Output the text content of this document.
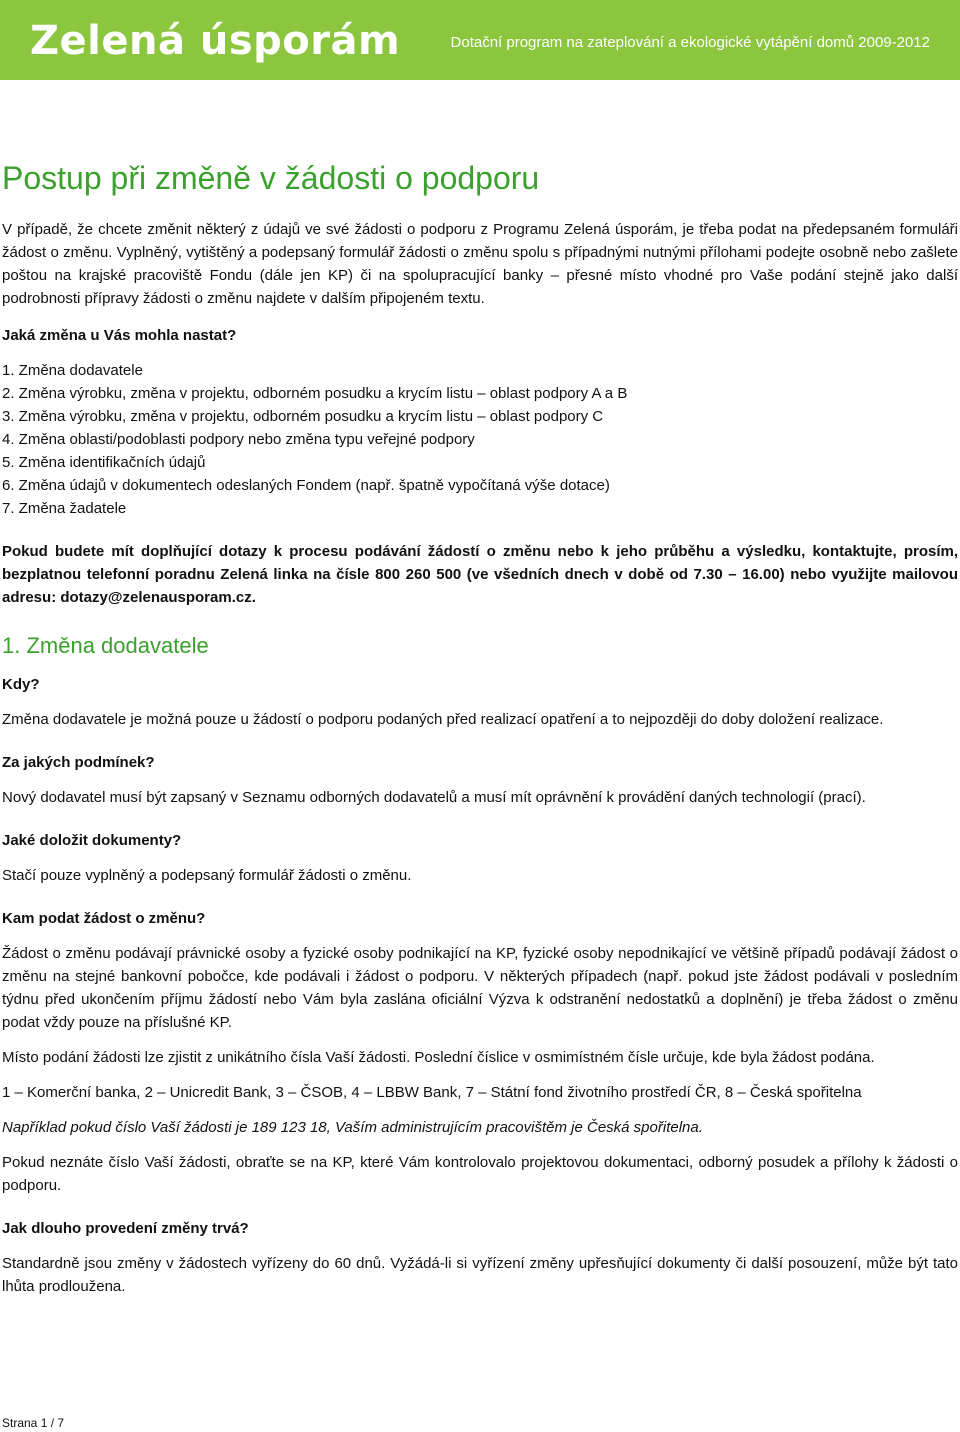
Zelená úsporám	Dotační program na zateplování a ekologické vytápění domů 2009-2012
Postup při změně v žádosti o podporu

V případě, že chcete změnit některý z údajů ve své žádosti o podporu z Programu Zelená úsporám, je třeba podat na předepsaném formuláři žádost o změnu. Vyplněný, vytištěný a podepsaný formulář žádosti o změnu spolu s případnými nutnými přílohami podejte osobně nebo zašlete poštou na krajské pracoviště Fondu (dále jen KP) či na spolupracující banky – přesné místo vhodné pro Vaše podání stejně jako další podrobnosti přípravy žádosti o změnu najdete v dalším připojeném textu.

Jaká změna u Vás mohla nastat?

1. Změna dodavatele
2. Změna výrobku, změna v projektu, odborném posudku a krycím listu – oblast podpory A a B
3. Změna výrobku, změna v projektu, odborném posudku a krycím listu – oblast podpory C
4. Změna oblasti/podoblasti podpory nebo změna typu veřejné podpory
5. Změna identifikačních údajů
6. Změna údajů v dokumentech odeslaných Fondem (např. špatně vypočítaná výše dotace)
7. Změna žadatele

Pokud budete mít doplňující dotazy k procesu podávání žádostí o změnu nebo k jeho průběhu a výsledku, kontaktujte, prosím, bezplatnou telefonní poradnu Zelená linka na čísle 800 260 500 (ve všedních dnech v době od 7.30 – 16.00) nebo využijte mailovou adresu: dotazy@zelenausporam.cz.

1. Změna dodavatele

Kdy?

Změna dodavatele je možná pouze u žádostí o podporu podaných před realizací opatření a to nejpozději do doby doložení realizace.

Za jakých podmínek?

Nový dodavatel musí být zapsaný v Seznamu odborných dodavatelů a musí mít oprávnění k provádění daných technologií (prací).

Jaké doložit dokumenty?

Stačí pouze vyplněný a podepsaný formulář žádosti o změnu.

Kam podat žádost o změnu?

Žádost o změnu podávají právnické osoby a fyzické osoby podnikající na KP, fyzické osoby nepodnikající ve většině případů podávají žádost o změnu na stejné bankovní pobočce, kde podávali i žádost o podporu. V některých případech (např. pokud jste žádost podávali v posledním týdnu před ukončením příjmu žádostí nebo Vám byla zaslána oficiální Výzva k odstranění nedostatků a doplnění) je třeba žádost o změnu podat vždy pouze na příslušné KP.

Místo podání žádosti lze zjistit z unikátního čísla Vaší žádosti. Poslední číslice v osmimístném čísle určuje, kde byla žádost podána.

1 – Komerční banka, 2 – Unicredit Bank, 3 – ČSOB, 4 – LBBW Bank, 7 – Státní fond životního prostředí ČR, 8 – Česká spořitelna

Například pokud číslo Vaší žádosti je 189 123 18, Vaším administrujícím pracovištěm je Česká spořitelna.

Pokud neznáte číslo Vaší žádosti, obraťte se na KP, které Vám kontrolovalo projektovou dokumentaci, odborný posudek a přílohy k žádosti o podporu.

Jak dlouho provedení změny trvá?

Standardně jsou změny v žádostech vyřízeny do 60 dnů. Vyžádá-li si vyřízení změny upřesňující dokumenty či další posouzení, může být tato lhůta prodloužena.

Strana 1 / 7
